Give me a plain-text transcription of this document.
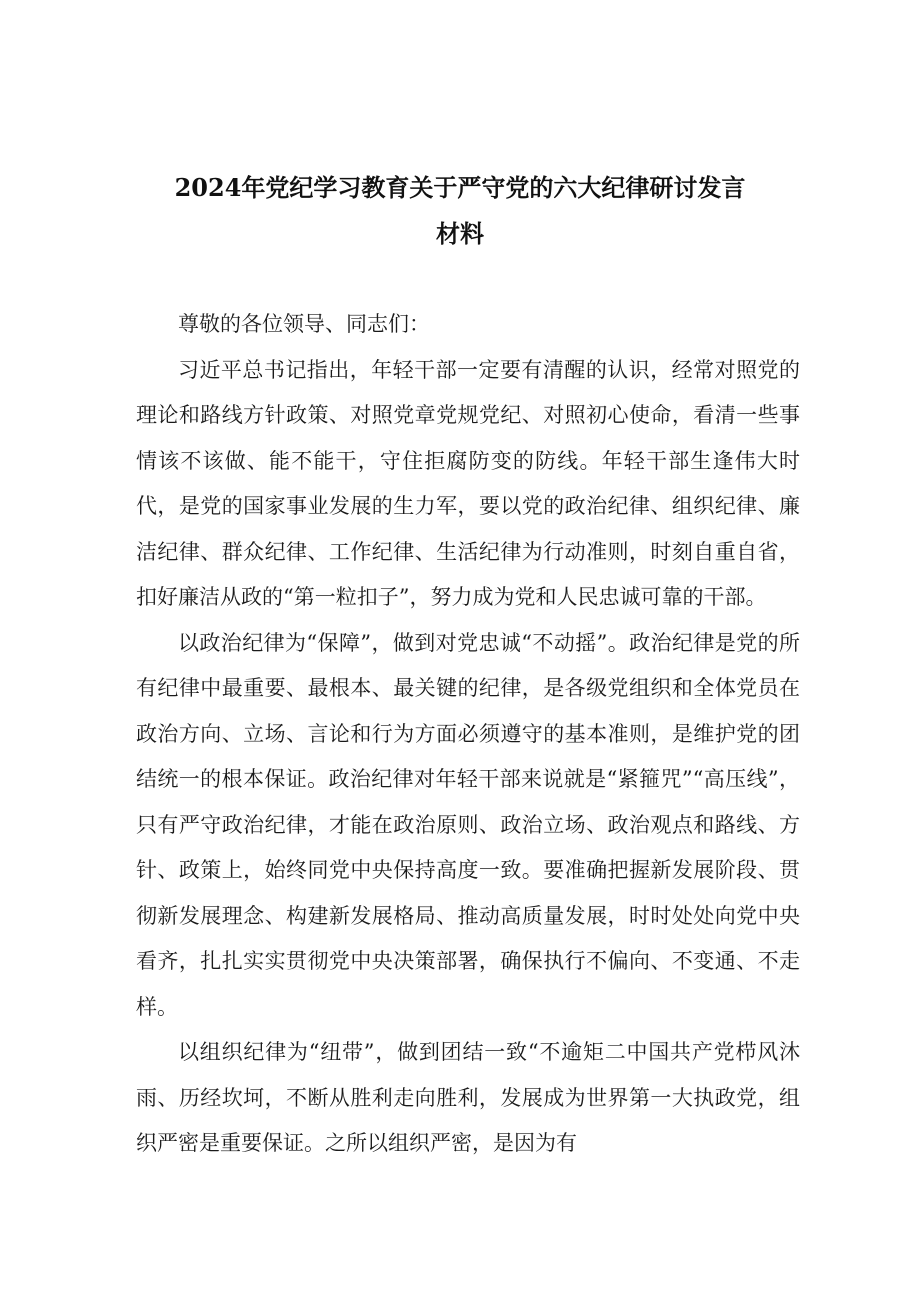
2024年党纪学习教育关于严守党的六大纪律研讨发言
材料

尊敬的各位领导、同志们：

习近平总书记指出，年轻干部一定要有清醒的认识，经常对照党的理论和路线方针政策、对照党章党规党纪、对照初心使命，看清一些事情该不该做、能不能干，守住拒腐防变的防线。年轻干部生逢伟大时代，是党的国家事业发展的生力军，要以党的政治纪律、组织纪律、廉洁纪律、群众纪律、工作纪律、生活纪律为行动准则，时刻自重自省，扣好廉洁从政的“第一粒扣子”，努力成为党和人民忠诚可靠的干部。

以政治纪律为“保障”，做到对党忠诚“不动摇”。政治纪律是党的所有纪律中最重要、最根本、最关键的纪律，是各级党组织和全体党员在政治方向、立场、言论和行为方面必须遵守的基本准则，是维护党的团结统一的根本保证。政治纪律对年轻干部来说就是“紧箍咒”“高压线”，只有严守政治纪律，才能在政治原则、政治立场、政治观点和路线、方针、政策上，始终同党中央保持高度一致。要准确把握新发展阶段、贯彻新发展理念、构建新发展格局、推动高质量发展，时时处处向党中央看齐，扎扎实实贯彻党中央决策部署，确保执行不偏向、不变通、不走样。

以组织纪律为“纽带”，做到团结一致“不逾矩二中国共产党栉风沐雨、历经坎坷，不断从胜利走向胜利，发展成为世界第一大执政党，组织严密是重要保证。之所以组织严密，是因为有
